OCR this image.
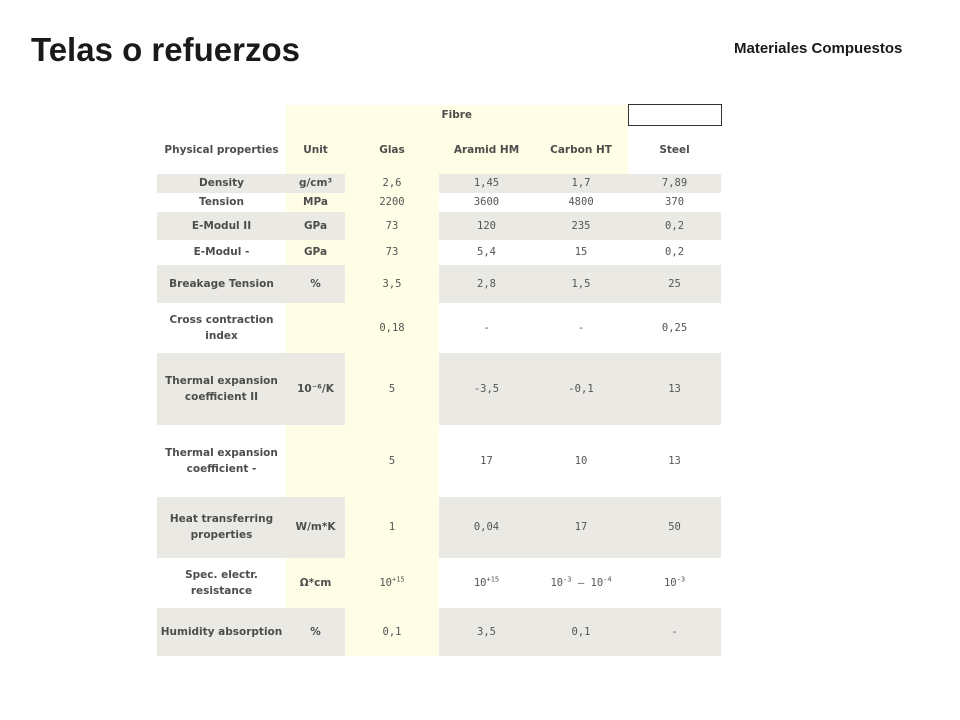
Telas o refuerzos	Materiales Compuestos
	Fibre				
Physical properties	Unit	Glas	Aramid HM	Carbon HT	Steel
Density	g/cm³	2,6	1,45	1,7	7,89
Tension	MPa	2200	3600	4800	370
E-Modul II	GPa	73	120	235	0,2
E-Modul -	GPa	73	5,4	15	0,2
Breakage Tension	%	3,5	2,8	1,5	25
Cross contraction index		0,18	-	-	0,25
Thermal expansion coefficient II	10⁻⁶/K	5	-3,5	-0,1	13
Thermal expansion coefficient -		5	17	10	13
Heat transferring properties	W/m*K	1	0,04	17	50
Spec. electr. resistance	Ω*cm	$10^{+15}$	$10^{+15}$	$10^{-3} - 10^{-4}$	$10^{-3}$
Humidity absorption	%	0,1	3,5	0,1	-
